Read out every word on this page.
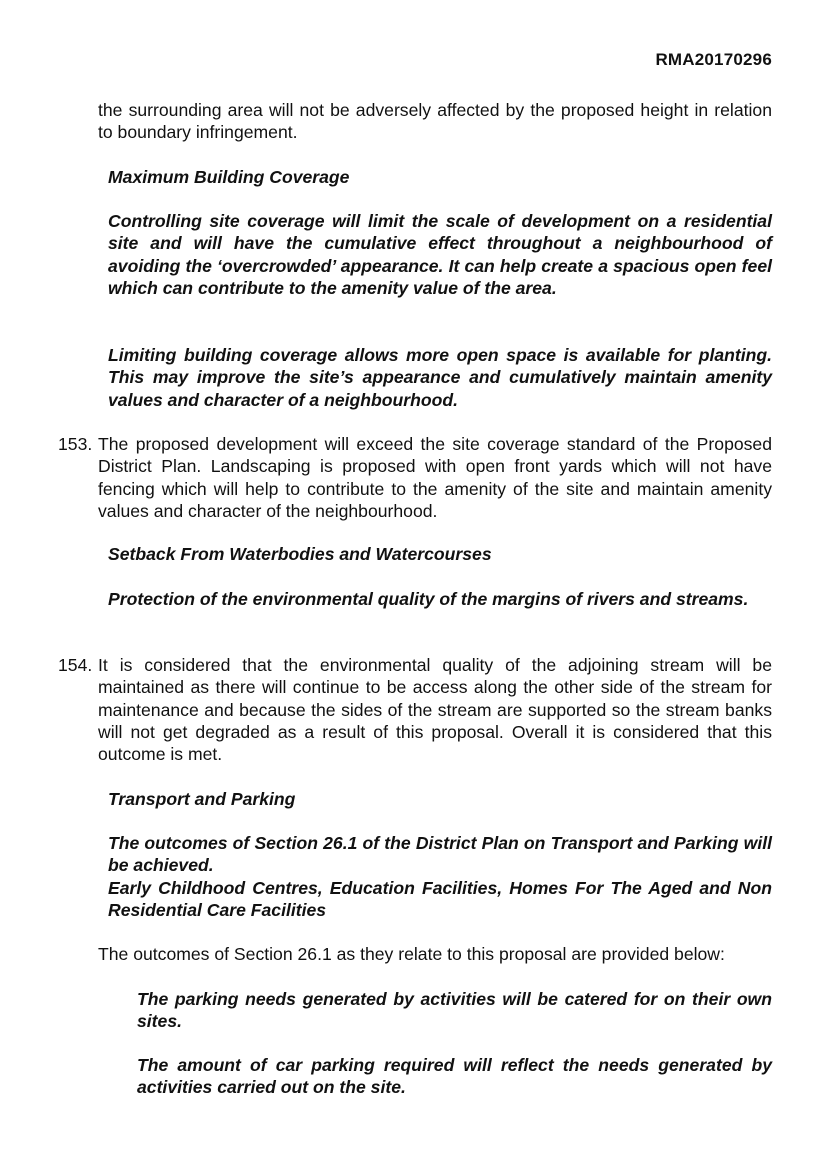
RMA20170296

the surrounding area will not be adversely affected by the proposed height in relation to boundary infringement.

Maximum Building Coverage

Controlling site coverage will limit the scale of development on a residential site and will have the cumulative effect throughout a neighbourhood of avoiding the ‘overcrowded’ appearance. It can help create a spacious open feel which can contribute to the amenity value of the area.

Limiting building coverage allows more open space is available for planting. This may improve the site’s appearance and cumulatively maintain amenity values and character of a neighbourhood.

153. The proposed development will exceed the site coverage standard of the Proposed District Plan. Landscaping is proposed with open front yards which will not have fencing which will help to contribute to the amenity of the site and maintain amenity values and character of the neighbourhood.

Setback From Waterbodies and Watercourses

Protection of the environmental quality of the margins of rivers and streams.

154. It is considered that the environmental quality of the adjoining stream will be maintained as there will continue to be access along the other side of the stream for maintenance and because the sides of the stream are supported so the stream banks will not get degraded as a result of this proposal. Overall it is considered that this outcome is met.

Transport and Parking

The outcomes of Section 26.1 of the District Plan on Transport and Parking will be achieved.

Early Childhood Centres, Education Facilities, Homes For The Aged and Non Residential Care Facilities

The outcomes of Section 26.1 as they relate to this proposal are provided below:

The parking needs generated by activities will be catered for on their own sites.

The amount of car parking required will reflect the needs generated by activities carried out on the site.
